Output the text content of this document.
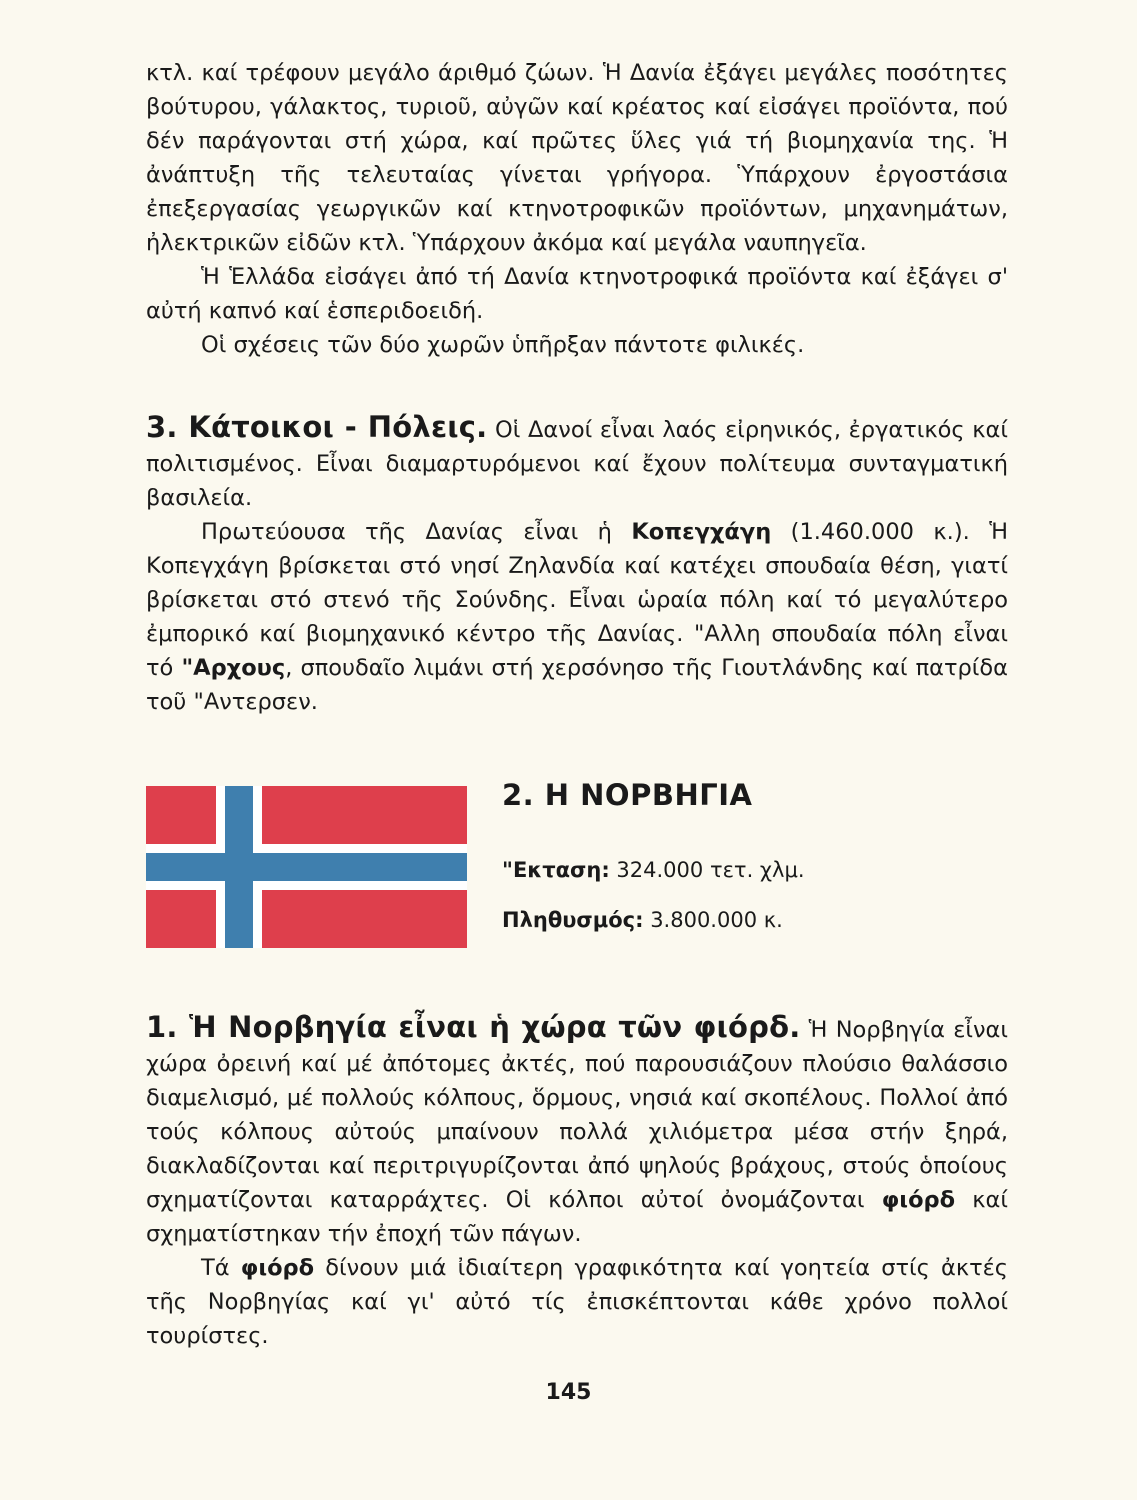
κτλ. καί τρέφουν μεγάλο άριθμό ζώων. Ἡ Δανία ἐξάγει μεγάλες ποσότητες βούτυρου, γάλακτος, τυριοῦ, αὐγῶν καί κρέατος καί εἰσάγει προϊόντα, πού δέν παράγονται στή χώρα, καί πρῶτες ὕλες γιά τή βιομηχανία της. Ἡ ἀνάπτυξη τῆς τελευταίας γίνεται γρήγορα. Ὑπάρχουν ἐργοστάσια ἐπεξεργασίας γεωργικῶν καί κτηνοτροφικῶν προϊόντων, μηχανημάτων, ἠλεκτρικῶν εἰδῶν κτλ. Ὑπάρχουν ἀκόμα καί μεγάλα ναυπηγεῖα.

Ἡ Ἑλλάδα εἰσάγει ἀπό τή Δανία κτηνοτροφικά προϊόντα καί ἐξάγει σ' αὐτή καπνό καί ἑσπεριδοειδή.

Οἱ σχέσεις τῶν δύο χωρῶν ὑπῆρξαν πάντοτε φιλικές.

3. Κάτοικοι - Πόλεις. Οἱ Δανοί εἶναι λαός εἰρηνικός, ἐργατικός καί πολιτισμένος. Εἶναι διαμαρτυρόμενοι καί ἔχουν πολίτευμα συνταγματική βασιλεία.

Πρωτεύουσα τῆς Δανίας εἶναι ἡ Κοπεγχάγη (1.460.000 κ.). Ἡ Κοπεγχάγη βρίσκεται στό νησί Ζηλανδία καί κατέχει σπουδαία θέση, γιατί βρίσκεται στό στενό τῆς Σούνδης. Εἶναι ὡραία πόλη καί τό μεγαλύτερο ἐμπορικό καί βιομηχανικό κέντρο τῆς Δανίας. "Αλλη σπουδαία πόλη εἶναι τό "Αρχους, σπουδαῖο λιμάνι στή χερσόνησο τῆς Γιουτλάνδης καί πατρίδα τοῦ "Αντερσεν.

2. Η ΝΟΡΒΗΓΙΑ
"Εκταση: 324.000 τετ. χλμ.
Πληθυσμός: 3.800.000 κ.

1. Ἡ Νορβηγία εἶναι ἡ χώρα τῶν φιόρδ. Ἡ Νορβηγία εἶναι χώρα ὀρεινή καί μέ ἀπότομες ἀκτές, πού παρουσιάζουν πλούσιο θαλάσσιο διαμελισμό, μέ πολλούς κόλπους, ὅρμους, νησιά καί σκοπέλους. Πολλοί ἀπό τούς κόλπους αὐτούς μπαίνουν πολλά χιλιόμετρα μέσα στήν ξηρά, διακλαδίζονται καί περιτριγυρίζονται ἀπό ψηλούς βράχους, στούς ὁποίους σχηματίζονται καταρράχτες. Οἱ κόλποι αὐτοί ὀνομάζονται φιόρδ καί σχηματίστηκαν τήν ἐποχή τῶν πάγων.

Τά φιόρδ δίνουν μιά ἰδιαίτερη γραφικότητα καί γοητεία στίς ἀκτές τῆς Νορβηγίας καί γι' αὐτό τίς ἐπισκέπτονται κάθε χρόνο πολλοί τουρίστες.

145
